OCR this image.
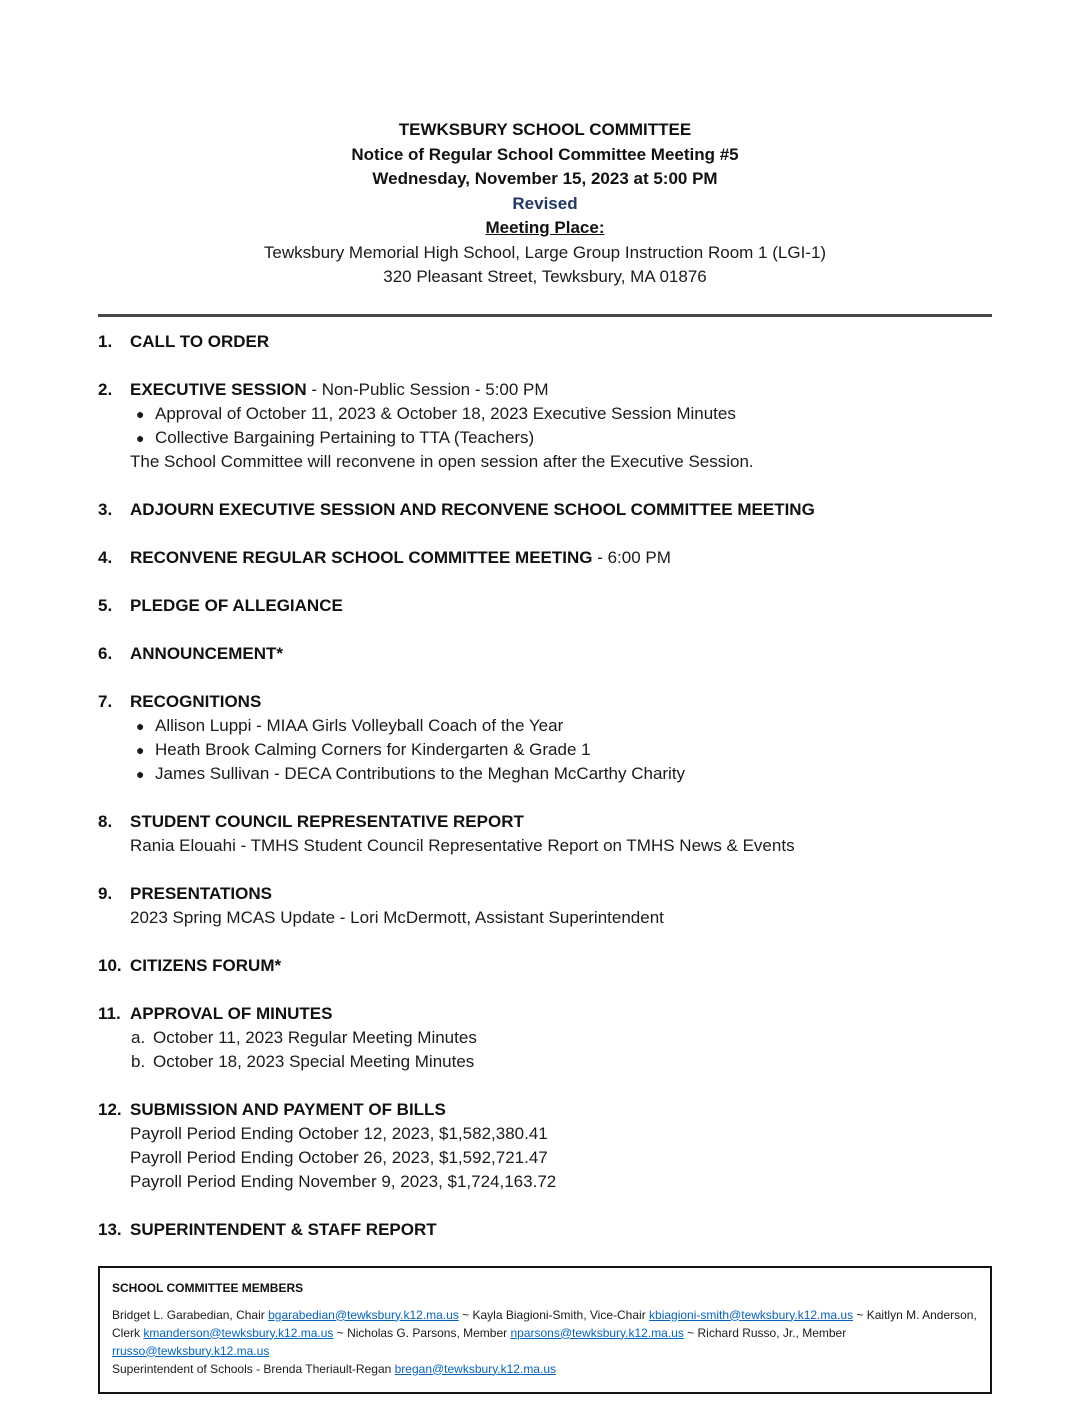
TEWKSBURY SCHOOL COMMITTEE
Notice of Regular School Committee Meeting #5
Wednesday, November 15, 2023 at 5:00 PM
Revised
Meeting Place:
Tewksbury Memorial High School, Large Group Instruction Room 1 (LGI-1)
320 Pleasant Street, Tewksbury, MA 01876
1.	CALL TO ORDER
2.	EXECUTIVE SESSION - Non-Public Session - 5:00 PM
● Approval of October 11, 2023 & October 18, 2023 Executive Session Minutes
● Collective Bargaining Pertaining to TTA (Teachers)
The School Committee will reconvene in open session after the Executive Session.
3.	ADJOURN EXECUTIVE SESSION AND RECONVENE SCHOOL COMMITTEE MEETING
4.	RECONVENE REGULAR SCHOOL COMMITTEE MEETING - 6:00 PM
5.	PLEDGE OF ALLEGIANCE
6.	ANNOUNCEMENT*
7.	RECOGNITIONS
● Allison Luppi - MIAA Girls Volleyball Coach of the Year
● Heath Brook Calming Corners for Kindergarten & Grade 1
● James Sullivan - DECA Contributions to the Meghan McCarthy Charity
8.	STUDENT COUNCIL REPRESENTATIVE REPORT
Rania Elouahi - TMHS Student Council Representative Report on TMHS News & Events
9.	PRESENTATIONS
2023 Spring MCAS Update - Lori McDermott, Assistant Superintendent
10. CITIZENS FORUM*
11. APPROVAL OF MINUTES
a. October 11, 2023 Regular Meeting Minutes
b. October 18, 2023 Special Meeting Minutes
12. SUBMISSION AND PAYMENT OF BILLS
Payroll Period Ending October 12, 2023, $1,582,380.41
Payroll Period Ending October 26, 2023, $1,592,721.47
Payroll Period Ending November 9, 2023, $1,724,163.72
13. SUPERINTENDENT & STAFF REPORT
SCHOOL COMMITTEE MEMBERS

Bridget L. Garabedian, Chair bgarabedian@tewksbury.k12.ma.us ~ Kayla Biagioni-Smith, Vice-Chair kbiagioni-smith@tewksbury.k12.ma.us ~ Kaitlyn M. Anderson, Clerk kmanderson@tewksbury.k12.ma.us ~ Nicholas G. Parsons, Member nparsons@tewksbury.k12.ma.us ~ Richard Russo, Jr., Member rrusso@tewksbury.k12.ma.us

Superintendent of Schools - Brenda Theriault-Regan bregan@tewksbury.k12.ma.us
